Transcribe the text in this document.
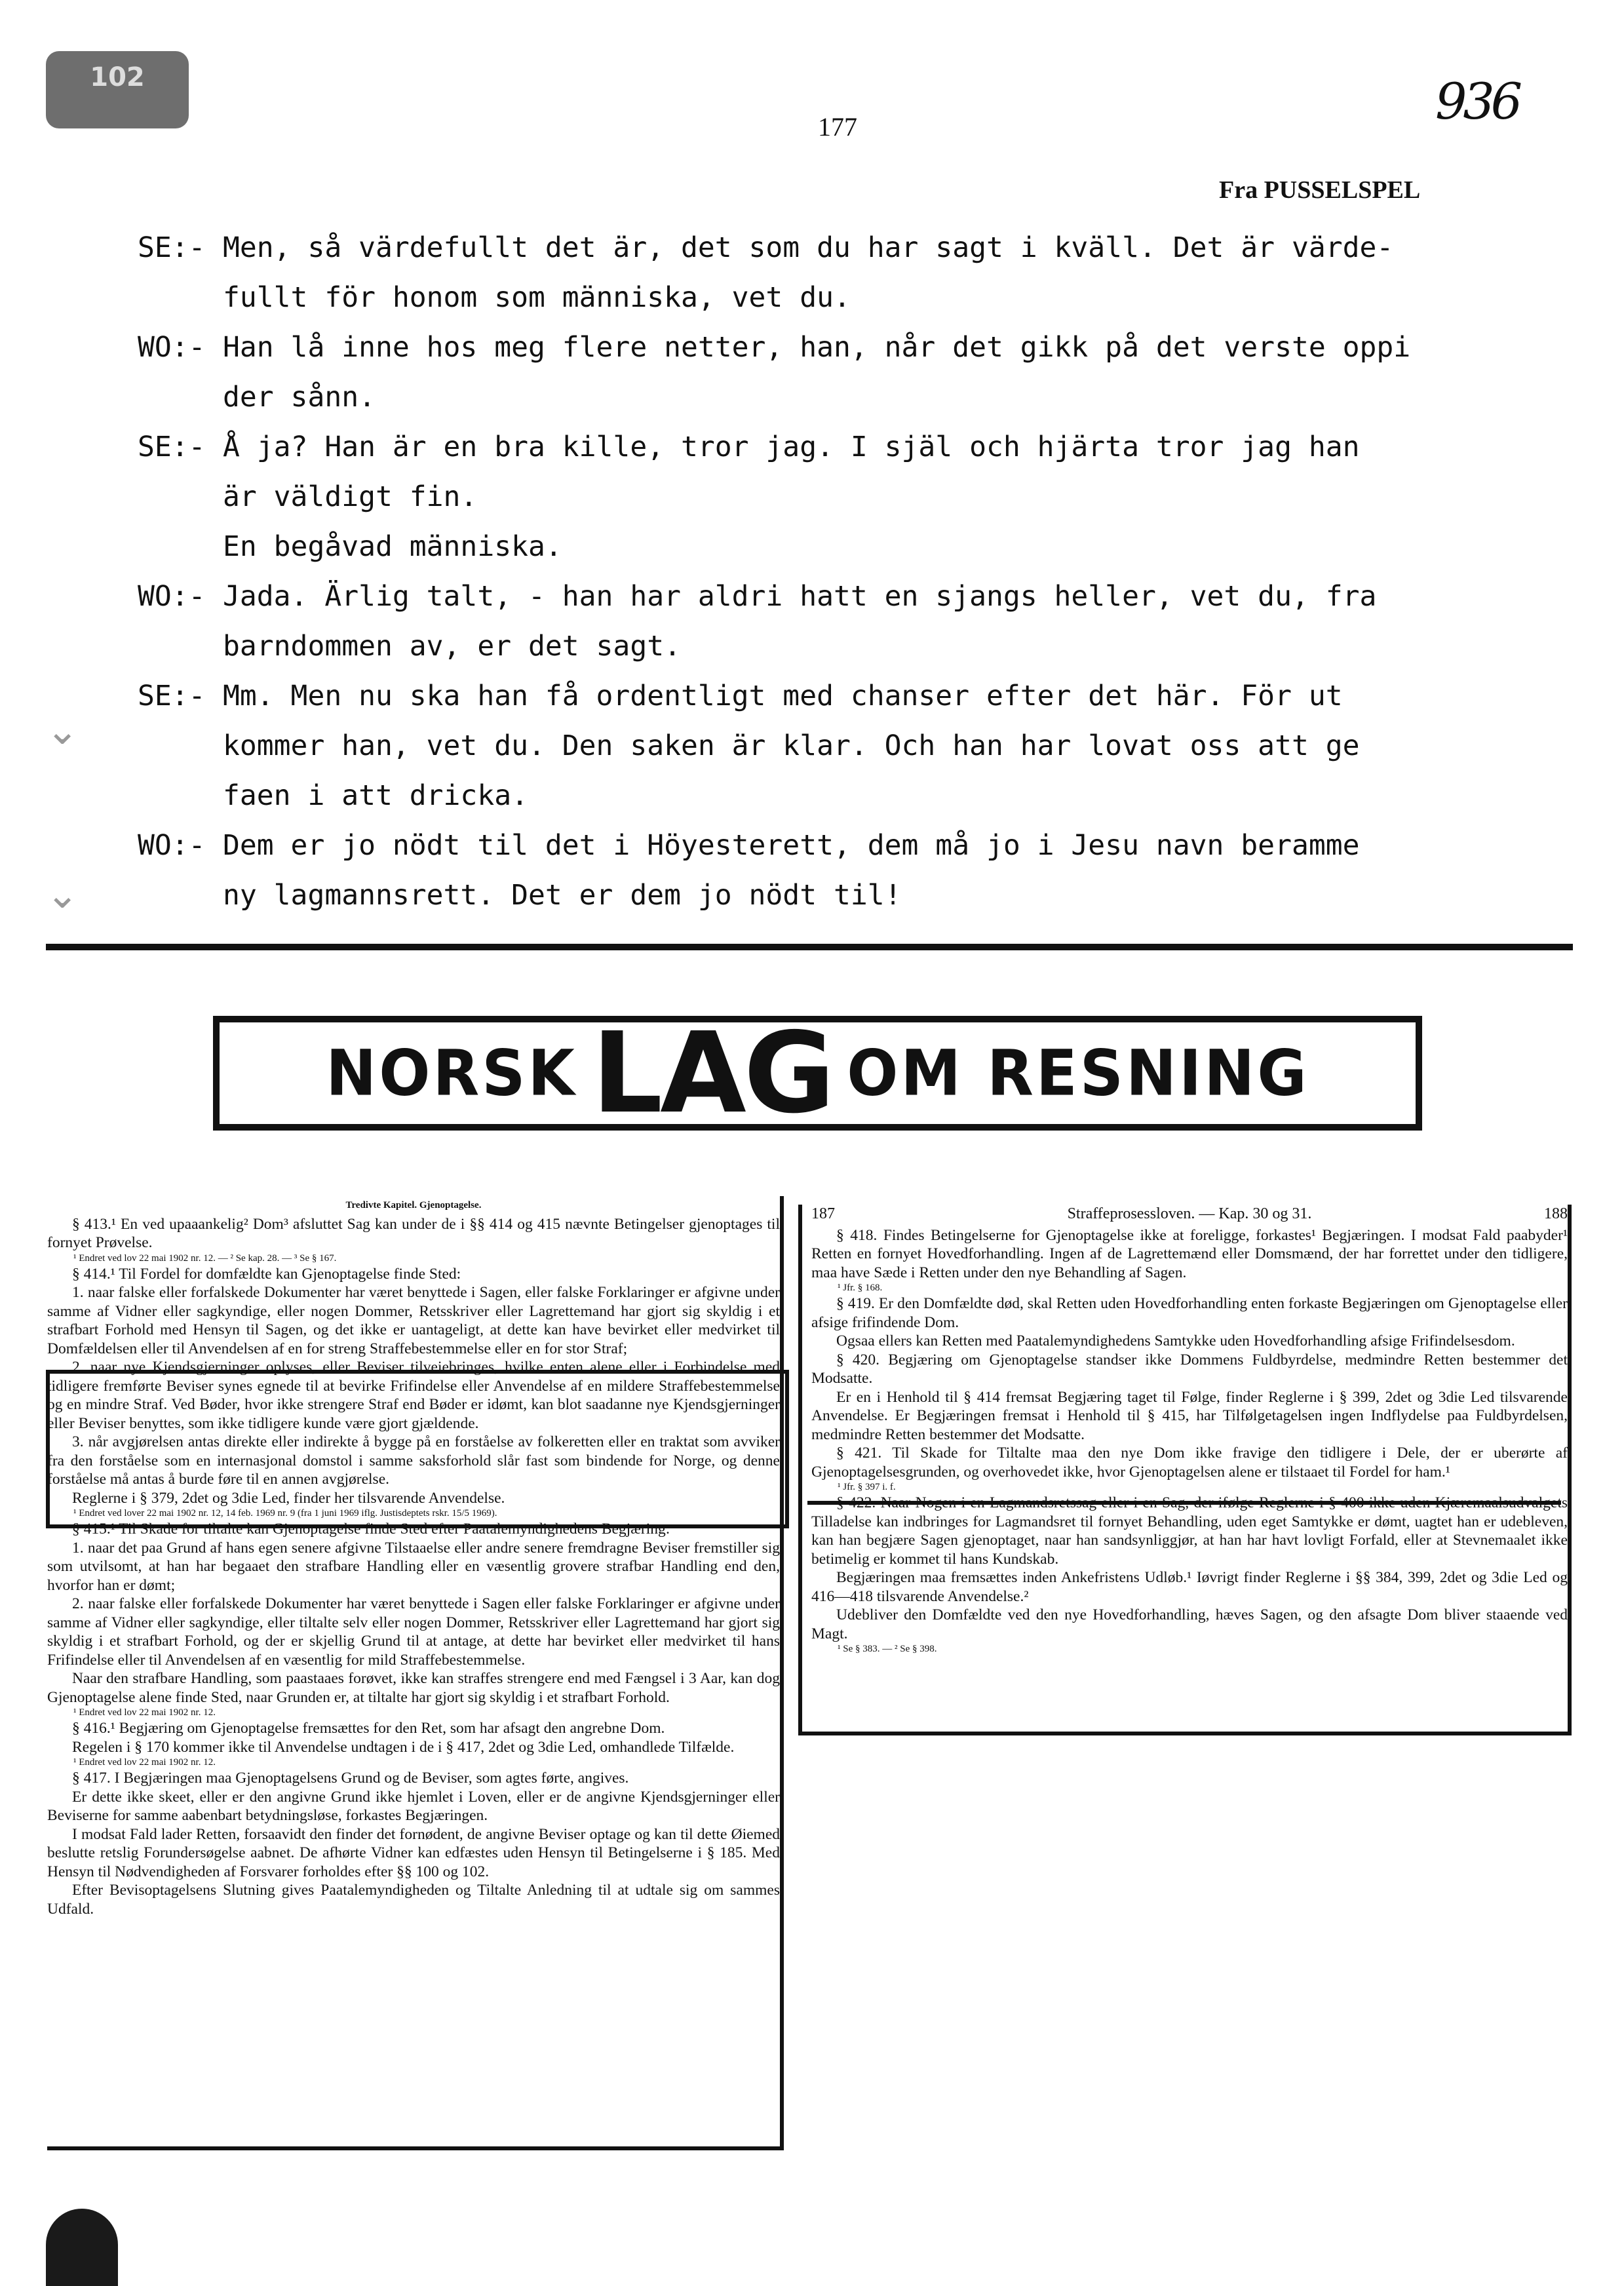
102
177	936
Fra PUSSELSPEL
SE:- Men, så värdefullt det är, det som du har sagt i kväll. Det är värde-
fullt för honom som människa, vet du.
WO:- Han lå inne hos meg flere netter, han, når det gikk på det verste oppi
der sånn.
SE:- Å ja? Han är en bra kille, tror jag. I själ och hjärta tror jag han
är väldigt fin.
En begåvad människa.
WO:- Jada. Ärlig talt, - han har aldri hatt en sjangs heller, vet du, fra
barndommen av, er det sagt.
SE:- Mm. Men nu ska han få ordentligt med chanser efter det här. För ut
kommer han, vet du. Den saken är klar. Och han har lovat oss att ge
faen i att dricka.
WO:- Dem er jo nödt til det i Höyesterett, dem må jo i Jesu navn beramme
ny lagmannsrett. Det er dem jo nödt til!
⌄
⌄
NORSK LAG OM RESNING
Tredivte Kapitel. Gjenoptagelse.

§ 413.¹ En ved upaaankelig² Dom³ afsluttet Sag kan under de i §§ 414 og 415 nævnte Betingelser gjenoptages til fornyet Prøvelse.

¹ Endret ved lov 22 mai 1902 nr. 12. — ² Se kap. 28. — ³ Se § 167.

§ 414.¹ Til Fordel for domfældte kan Gjenoptagelse finde Sted:

1. naar falske eller forfalskede Dokumenter har været benyttede i Sagen, eller falske Forklaringer er afgivne under samme af Vidner eller sagkyndige, eller nogen Dommer, Retsskriver eller Lagrettemand har gjort sig skyldig i et strafbart Forhold med Hensyn til Sagen, og det ikke er uantageligt, at dette kan have bevirket eller medvirket til Domfældelsen eller til Anvendelsen af en for streng Straffebestemmelse eller en for stor Straf;

2. naar nye Kjendsgjerninger oplyses, eller Beviser tilveiebringes, hvilke enten alene eller i Forbindelse med tidligere fremførte Beviser synes egnede til at bevirke Frifindelse eller Anvendelse af en mildere Straffebestemmelse og en mindre Straf. Ved Bøder, hvor ikke strengere Straf end Bøder er idømt, kan blot saadanne nye Kjendsgjerninger eller Beviser benyttes, som ikke tidligere kunde være gjort gjældende.

3. når avgjørelsen antas direkte eller indirekte å bygge på en forståelse av folkeretten eller en traktat som avviker fra den forståelse som en internasjonal domstol i samme saksforhold slår fast som bindende for Norge, og denne forståelse må antas å burde føre til en annen avgjørelse.

Reglerne i § 379, 2det og 3die Led, finder her tilsvarende Anvendelse.

¹ Endret ved lover 22 mai 1902 nr. 12, 14 feb. 1969 nr. 9 (fra 1 juni 1969 iflg. Justisdeptets rskr. 15/5 1969).

§ 415.¹ Til Skade for tiltalte kan Gjenoptagelse finde Sted efter Paatalemyndighedens Begjæring:

1. naar det paa Grund af hans egen senere afgivne Tilstaaelse eller andre senere fremdragne Beviser fremstiller sig som utvilsomt, at han har begaaet den strafbare Handling eller en væsentlig grovere strafbar Handling end den, hvorfor han er dømt;

2. naar falske eller forfalskede Dokumenter har været benyttede i Sagen eller falske Forklaringer er afgivne under samme af Vidner eller sagkyndige, eller tiltalte selv eller nogen Dommer, Retsskriver eller Lagrettemand har gjort sig skyldig i et strafbart Forhold, og der er skjellig Grund til at antage, at dette har bevirket eller medvirket til hans Frifindelse eller til Anvendelsen af en væsentlig for mild Straffebestemmelse.

Naar den strafbare Handling, som paastaaes forøvet, ikke kan straffes strengere end med Fængsel i 3 Aar, kan dog Gjenoptagelse alene finde Sted, naar Grunden er, at tiltalte har gjort sig skyldig i et strafbart Forhold.

¹ Endret ved lov 22 mai 1902 nr. 12.

§ 416.¹ Begjæring om Gjenoptagelse fremsættes for den Ret, som har afsagt den angrebne Dom.

Regelen i § 170 kommer ikke til Anvendelse undtagen i de i § 417, 2det og 3die Led, omhandlede Tilfælde.

¹ Endret ved lov 22 mai 1902 nr. 12.

§ 417. I Begjæringen maa Gjenoptagelsens Grund og de Beviser, som agtes førte, angives.

Er dette ikke skeet, eller er den angivne Grund ikke hjemlet i Loven, eller er de angivne Kjendsgjerninger eller Beviserne for samme aabenbart betydningsløse, forkastes Begjæringen.

I modsat Fald lader Retten, forsaavidt den finder det fornødent, de angivne Beviser optage og kan til dette Øiemed beslutte retslig Forundersøgelse aabnet. De afhørte Vidner kan edfæstes uden Hensyn til Betingelserne i § 185. Med Hensyn til Nødvendigheden af Forsvarer forholdes efter §§ 100 og 102.

Efter Bevisoptagelsens Slutning gives Paatalemyndigheden og Tiltalte Anledning til at udtale sig om sammes Udfald.

187	Straffeprosessloven. — Kap. 30 og 31.	188

§ 418. Findes Betingelserne for Gjenoptagelse ikke at foreligge, forkastes¹ Begjæringen. I modsat Fald paabyder¹ Retten en fornyet Hovedforhandling. Ingen af de Lagrettemænd eller Domsmænd, der har forrettet under den tidligere, maa have Sæde i Retten under den nye Behandling af Sagen.

¹ Jfr. § 168.

§ 419. Er den Domfældte død, skal Retten uden Hovedforhandling enten forkaste Begjæringen om Gjenoptagelse eller afsige frifindende Dom.

Ogsaa ellers kan Retten med Paatalemyndighedens Samtykke uden Hovedforhandling afsige Frifindelsesdom.

§ 420. Begjæring om Gjenoptagelse standser ikke Dommens Fuldbyrdelse, medmindre Retten bestemmer det Modsatte.

Er en i Henhold til § 414 fremsat Begjæring taget til Følge, finder Reglerne i § 399, 2det og 3die Led tilsvarende Anvendelse. Er Begjæringen fremsat i Henhold til § 415, har Tilfølgetagelsen ingen Indflydelse paa Fuldbyrdelsen, medmindre Retten bestemmer det Modsatte.

§ 421. Til Skade for Tiltalte maa den nye Dom ikke fravige den tidligere i Dele, der er uberørte af Gjenoptagelsesgrunden, og overhovedet ikke, hvor Gjenoptagelsen alene er tilstaaet til Fordel for ham.¹

¹ Jfr. § 397 i. f.

§ 422. Naar Nogen i en Lagmandsretssag eller i en Sag, der ifølge Reglerne i § 400 ikke uden Kjæremaalsudvalgets Tilladelse kan indbringes for Lagmandsret til fornyet Behandling, uden eget Samtykke er dømt, uagtet han er udebleven, kan han begjære Sagen gjenoptaget, naar han sandsynliggjør, at han har havt lovligt Forfald, eller at Stevnemaalet ikke betimelig er kommet til hans Kundskab.

Begjæringen maa fremsættes inden Ankefristens Udløb.¹ Iøvrigt finder Reglerne i §§ 384, 399, 2det og 3die Led og 416—418 tilsvarende Anvendelse.²

Udebliver den Domfældte ved den nye Hovedforhandling, hæves Sagen, og den afsagte Dom bliver staaende ved Magt.

¹ Se § 383. — ² Se § 398.
